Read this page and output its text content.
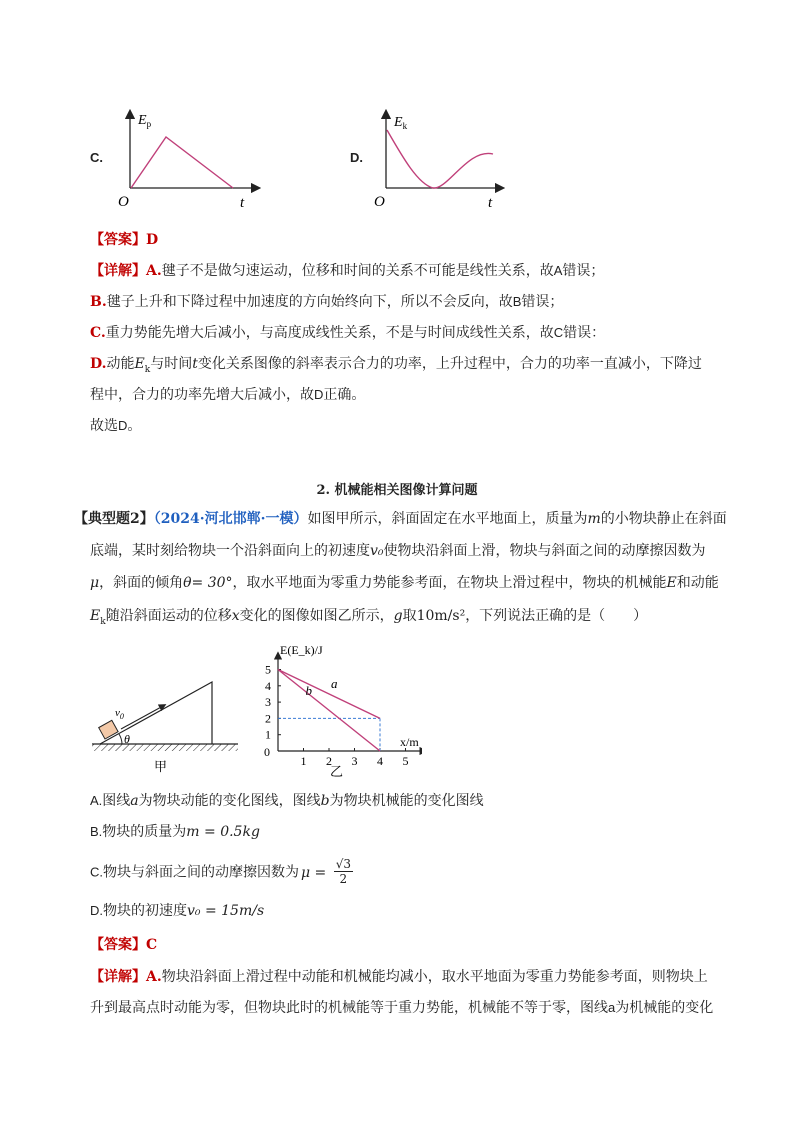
C.
$E_p$
O	t
D.
$E_k$
O	t
【答案】D
【详解】A.毽子不是做匀速运动，位移和时间的关系不可能是线性关系，故A错误；
B.毽子上升和下降过程中加速度的方向始终向下，所以不会反向，故B错误；
C.重力势能先增大后减小，与高度成线性关系，不是与时间成线性关系，故C错误：
D.动能$E_k$与时间t变化关系图像的斜率表示合力的功率，上升过程中，合力的功率一直减小，下降过
程中，合力的功率先增大后减小，故D正确。
故选D。
2. 机械能相关图像计算问题
【典型题2】（2024·河北邯郸·一模）如图甲所示，斜面固定在水平地面上，质量为m的小物块静止在斜面
底端，某时刻给物块一个沿斜面向上的初速度v₀使物块沿斜面上滑，物块与斜面之间的动摩擦因数为
μ，斜面的倾角θ= 30°，取水平地面为零重力势能参考面，在物块上滑过程中，物块的机械能E和动能
$E_k$随沿斜面运动的位移x变化的图像如图乙所示，g取10m/s²，下列说法正确的是（　　）
$v_0$
θ
甲	1 2 3 4 5
1
2
3
4
5
a
b
E(E_k)/J
x/m
0
乙
A.图线a为物块动能的变化图线，图线b为物块机械能的变化图线
B.物块的质量为m = 0.5kg
C.物块与斜面之间的动摩擦因数为 $\mu = \frac{√3}{2}$
D.物块的初速度v₀ = 15m/s
【答案】C
【详解】A.物块沿斜面上滑过程中动能和机械能均减小，取水平地面为零重力势能参考面，则物块上
升到最高点时动能为零，但物块此时的机械能等于重力势能，机械能不等于零，图线a为机械能的变化
